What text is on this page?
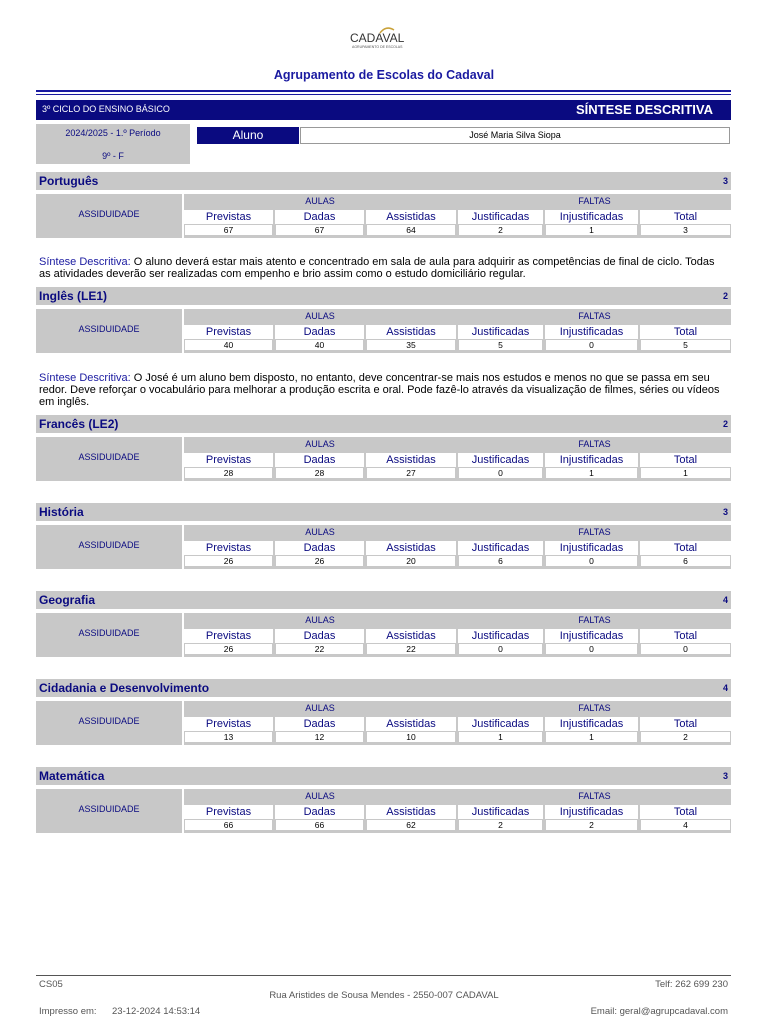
CADAVAL
AGRUPAMENTO DE ESCOLAS
Agrupamento de Escolas do Cadaval
3º CICLO DO ENSINO BÁSICO	SÍNTESE DESCRITIVA
2024/2025 - 1.º Período
9º - F
Aluno	José Maria Silva Siopa
Português	3
ASSIDUIDADE
AULAS	FALTAS
Previstas	Dadas	Assistidas	Justificadas	Injustificadas	Total
67	67	64	2	1	3
Síntese Descritiva: O aluno deverá estar mais atento e concentrado em sala de aula para adquirir as competências de final de ciclo. Todas as atividades deverão ser realizadas com empenho e brio assim como o estudo domiciliário regular.
Inglês (LE1)	2
ASSIDUIDADE
AULAS	FALTAS
Previstas	Dadas	Assistidas	Justificadas	Injustificadas	Total
40	40	35	5	0	5
Síntese Descritiva: O José é um aluno bem disposto, no entanto, deve concentrar-se mais nos estudos e menos no que se passa em seu redor. Deve reforçar o vocabulário para melhorar a produção escrita e oral. Pode fazê-lo através da visualização de filmes, séries ou vídeos em inglês.
Francês (LE2)	2
ASSIDUIDADE
AULAS	FALTAS
Previstas	Dadas	Assistidas	Justificadas	Injustificadas	Total
28	28	27	0	1	1
História	3
ASSIDUIDADE
AULAS	FALTAS
Previstas	Dadas	Assistidas	Justificadas	Injustificadas	Total
26	26	20	6	0	6
Geografia	4
ASSIDUIDADE
AULAS	FALTAS
Previstas	Dadas	Assistidas	Justificadas	Injustificadas	Total
26	22	22	0	0	0
Cidadania e Desenvolvimento	4
ASSIDUIDADE
AULAS	FALTAS
Previstas	Dadas	Assistidas	Justificadas	Injustificadas	Total
13	12	10	1	1	2
Matemática	3
ASSIDUIDADE
AULAS	FALTAS
Previstas	Dadas	Assistidas	Justificadas	Injustificadas	Total
66	66	62	2	2	4
CS05	Telf: 262 699 230
Rua Aristides de Sousa Mendes - 2550-007 CADAVAL
Impresso em: 23-12-2024 14:53:14	Email: geral@agrupcadaval.com
